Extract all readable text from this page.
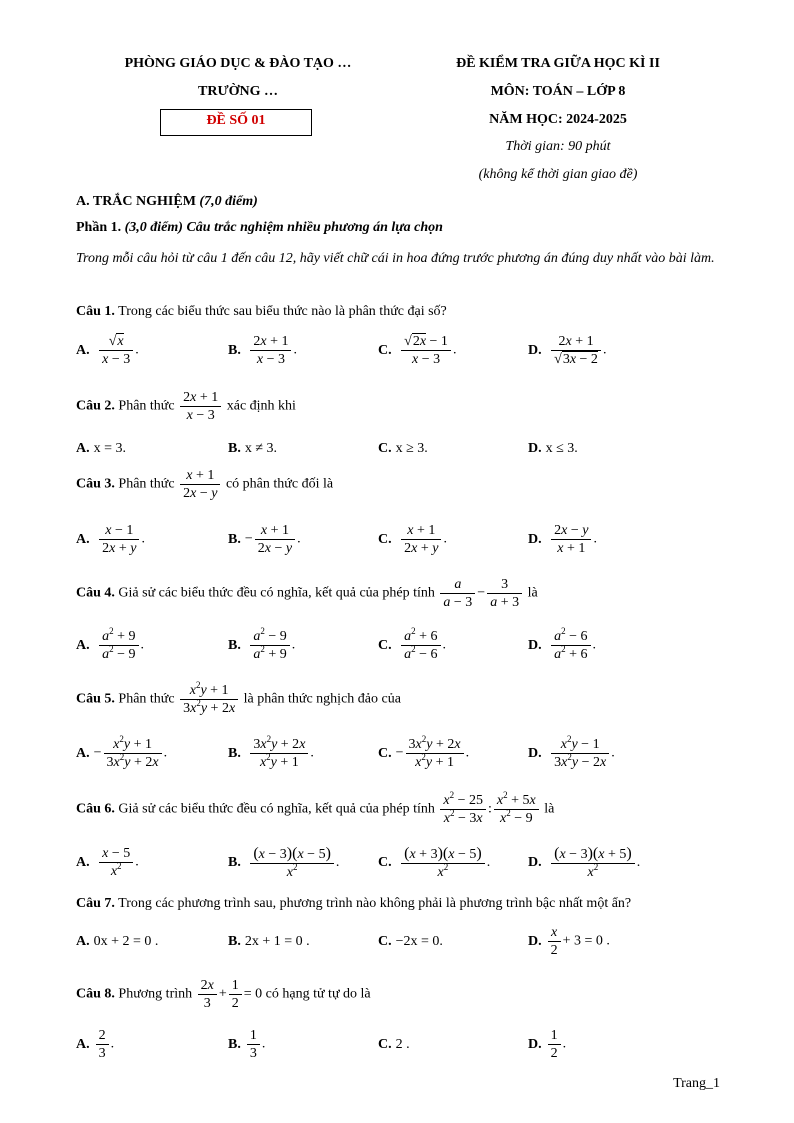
PHÒNG GIÁO DỤC & ĐÀO TẠO …
TRƯỜNG …
ĐỀ SỐ 01
ĐỀ KIỂM TRA GIỮA HỌC KÌ II
MÔN: TOÁN – LỚP 8
NĂM HỌC: 2024-2025
Thời gian: 90 phút
(không kể thời gian giao đề)
A. TRẮC NGHIỆM (7,0 điểm)
Phần 1. (3,0 điểm) Câu trắc nghiệm nhiều phương án lựa chọn
Trong mỗi câu hỏi từ câu 1 đến câu 12, hãy viết chữ cái in hoa đứng trước phương án đúng duy nhất vào bài làm.
Câu 1. Trong các biểu thức sau biểu thức nào là phân thức đại số?
A. $\frac{√x}{x - 3}$ .	B. $\frac{2x + 1}{x - 3}$ .	C. $\frac{√2x - 1}{x - 3}$ .	D. $\frac{2x + 1}{√3x - 2}$ .
Câu 2. Phân thức $\frac{2x + 1}{x - 3}$ xác định khi
A. x = 3.	B. x ≠ 3.	C. x ≥ 3.	D. x ≤ 3.
Câu 3. Phân thức $\frac{x + 1}{2x - y}$ có phân thức đối là
A. $\frac{x - 1}{2x + y}$ .	B. − $\frac{x + 1}{2x - y}$ .	C. $\frac{x + 1}{2x + y}$ .	D. $\frac{2x - y}{x + 1}$ .
Câu 4. Giả sử các biểu thức đều có nghĩa, kết quả của phép tính $\frac{a}{a - 3} - \frac{3}{a + 3}$ là
A. $\frac{a^2 + 9}{a^2 - 9}$ .	B. $\frac{a^2 - 9}{a^2 + 9}$ .	C. $\frac{a^2 + 6}{a^2 - 6}$ .	D. $\frac{a^2 - 6}{a^2 + 6}$ .
Câu 5. Phân thức $\frac{x^2y + 1}{3x^2y + 2x}$ là phân thức nghịch đảo của
A. − $\frac{x^2y + 1}{3x^2y + 2x}$ .	B. $\frac{3x^2y + 2x}{x^2y + 1}$ .	C. − $\frac{3x^2y + 2x}{x^2y + 1}$ .	D. $\frac{x^2y - 1}{3x^2y - 2x}$ .
Câu 6. Giả sử các biểu thức đều có nghĩa, kết quả của phép tính $\frac{x^2 - 25}{x^2 - 3x}$ : $\frac{x^2 + 5x}{x^2 - 9}$ là
A. $\frac{x - 5}{x^2}$ .	B. $\frac{(x - 3)(x - 5)}{x^2}$ .	C. $\frac{(x + 3)(x - 5)}{x^2}$ .	D. $\frac{(x - 3)(x + 5)}{x^2}$ .
Câu 7. Trong các phương trình sau, phương trình nào không phải là phương trình bậc nhất một ẩn?
A. 0x + 2 = 0 .	B. 2x + 1 = 0 .	C. −2x = 0.	D. $\frac{x}{2} + 3 = 0$ .
Câu 8. Phương trình $\frac{2x}{3} + \frac{1}{2} = 0$ có hạng tử tự do là
A. $\frac{2}{3}$ .	B. $\frac{1}{3}$ .	C. 2 .	D. $\frac{1}{2}$ .
Trang_1
